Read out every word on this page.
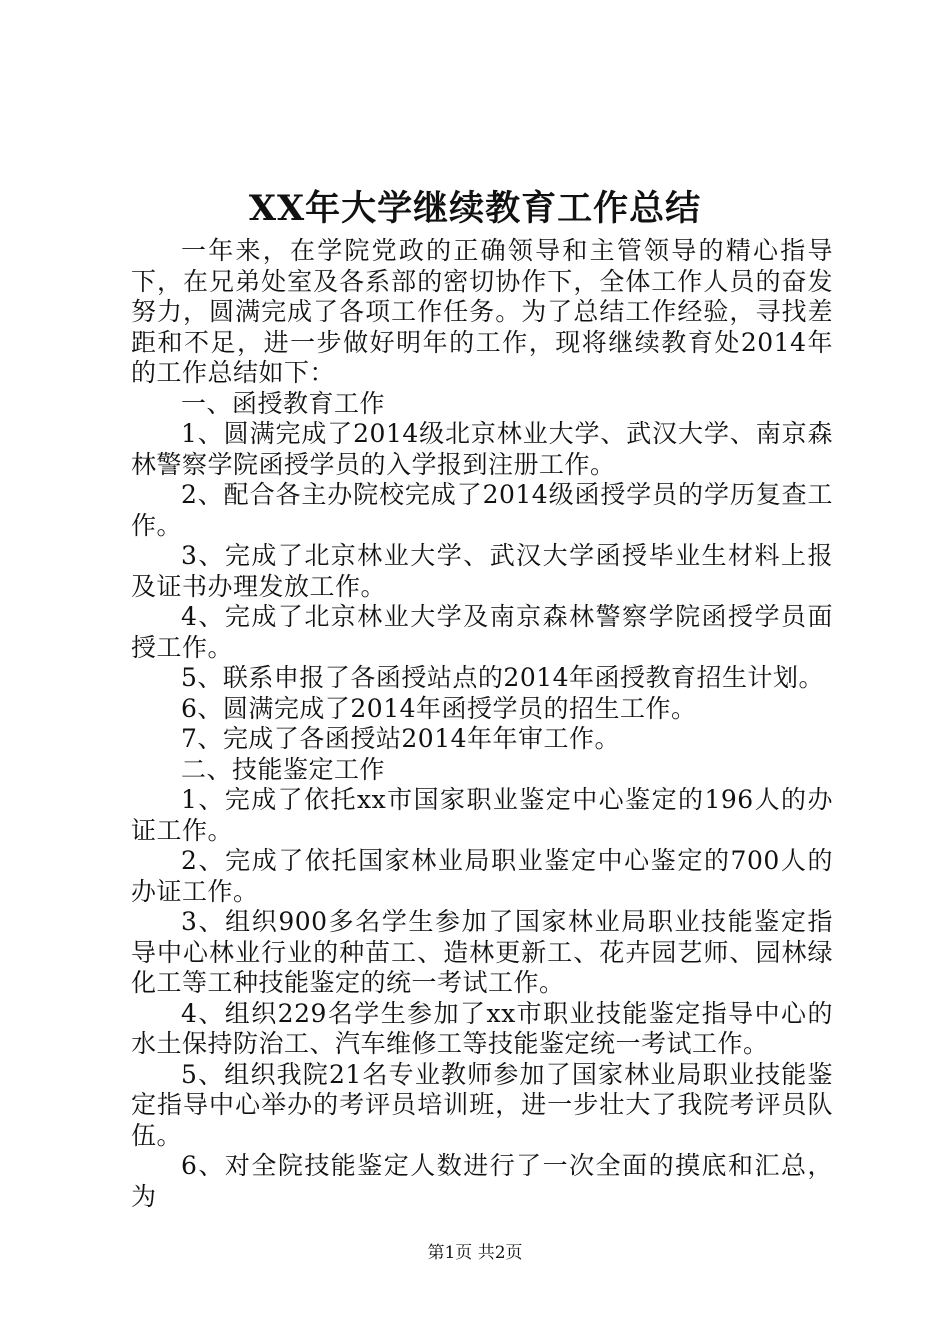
XX年大学继续教育工作总结

一年来，在学院党政的正确领导和主管领导的精心指导下，在兄弟处室及各系部的密切协作下，全体工作人员的奋发努力，圆满完成了各项工作任务。为了总结工作经验，寻找差距和不足，进一步做好明年的工作，现将继续教育处2014年的工作总结如下：

一、函授教育工作

1、圆满完成了2014级北京林业大学、武汉大学、南京森林警察学院函授学员的入学报到注册工作。

2、配合各主办院校完成了2014级函授学员的学历复查工作。

3、完成了北京林业大学、武汉大学函授毕业生材料上报及证书办理发放工作。

4、完成了北京林业大学及南京森林警察学院函授学员面授工作。

5、联系申报了各函授站点的2014年函授教育招生计划。

6、圆满完成了2014年函授学员的招生工作。

7、完成了各函授站2014年年审工作。

二、技能鉴定工作

1、完成了依托xx市国家职业鉴定中心鉴定的196人的办证工作。

2、完成了依托国家林业局职业鉴定中心鉴定的700人的办证工作。

3、组织900多名学生参加了国家林业局职业技能鉴定指导中心林业行业的种苗工、造林更新工、花卉园艺师、园林绿化工等工种技能鉴定的统一考试工作。

4、组织229名学生参加了xx市职业技能鉴定指导中心的水土保持防治工、汽车维修工等技能鉴定统一考试工作。

5、组织我院21名专业教师参加了国家林业局职业技能鉴定指导中心举办的考评员培训班，进一步壮大了我院考评员队伍。

6、对全院技能鉴定人数进行了一次全面的摸底和汇总，为

第1页 共2页
